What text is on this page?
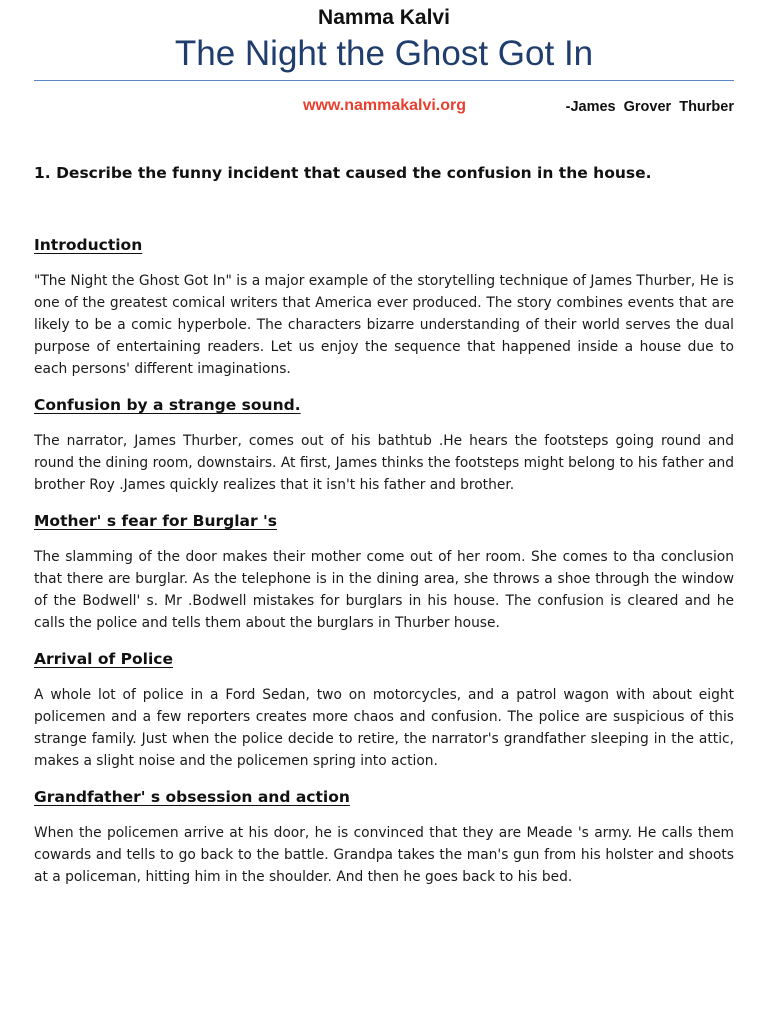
Namma Kalvi
The Night the Ghost Got In
www.nammakalvi.org	-James Grover Thurber
1. Describe the funny incident that caused the confusion in the house.
Introduction
"The Night the Ghost Got In" is a major example of the storytelling technique of James Thurber, He is one of the greatest comical writers that America ever produced. The story combines events that are likely to be a comic hyperbole. The characters bizarre understanding of their world serves the dual purpose of entertaining readers. Let us enjoy the sequence that happened inside a house due to each persons' different imaginations.
Confusion by a strange sound.
The narrator, James Thurber, comes out of his bathtub .He hears the footsteps going round and round the dining room, downstairs. At first, James thinks the footsteps might belong to his father and brother Roy .James quickly realizes that it isn't his father and brother.
Mother' s fear for Burglar 's
The slamming of the door makes their mother come out of her room. She comes to tha conclusion that there are burglar. As the telephone is in the dining area, she throws a shoe through the window of the Bodwell' s. Mr .Bodwell mistakes for burglars in his house. The confusion is cleared and he calls the police and tells them about the burglars in Thurber house.
Arrival of Police
A whole lot of police in a Ford Sedan, two on motorcycles, and a patrol wagon with about eight policemen and a few reporters creates more chaos and confusion. The police are suspicious of this strange family. Just when the police decide to retire, the narrator's grandfather sleeping in the attic, makes a slight noise and the policemen spring into action.
Grandfather' s obsession and action
When the policemen arrive at his door, he is convinced that they are Meade 's army. He calls them cowards and tells to go back to the battle. Grandpa takes the man's gun from his holster and shoots at a policeman, hitting him in the shoulder. And then he goes back to his bed.
